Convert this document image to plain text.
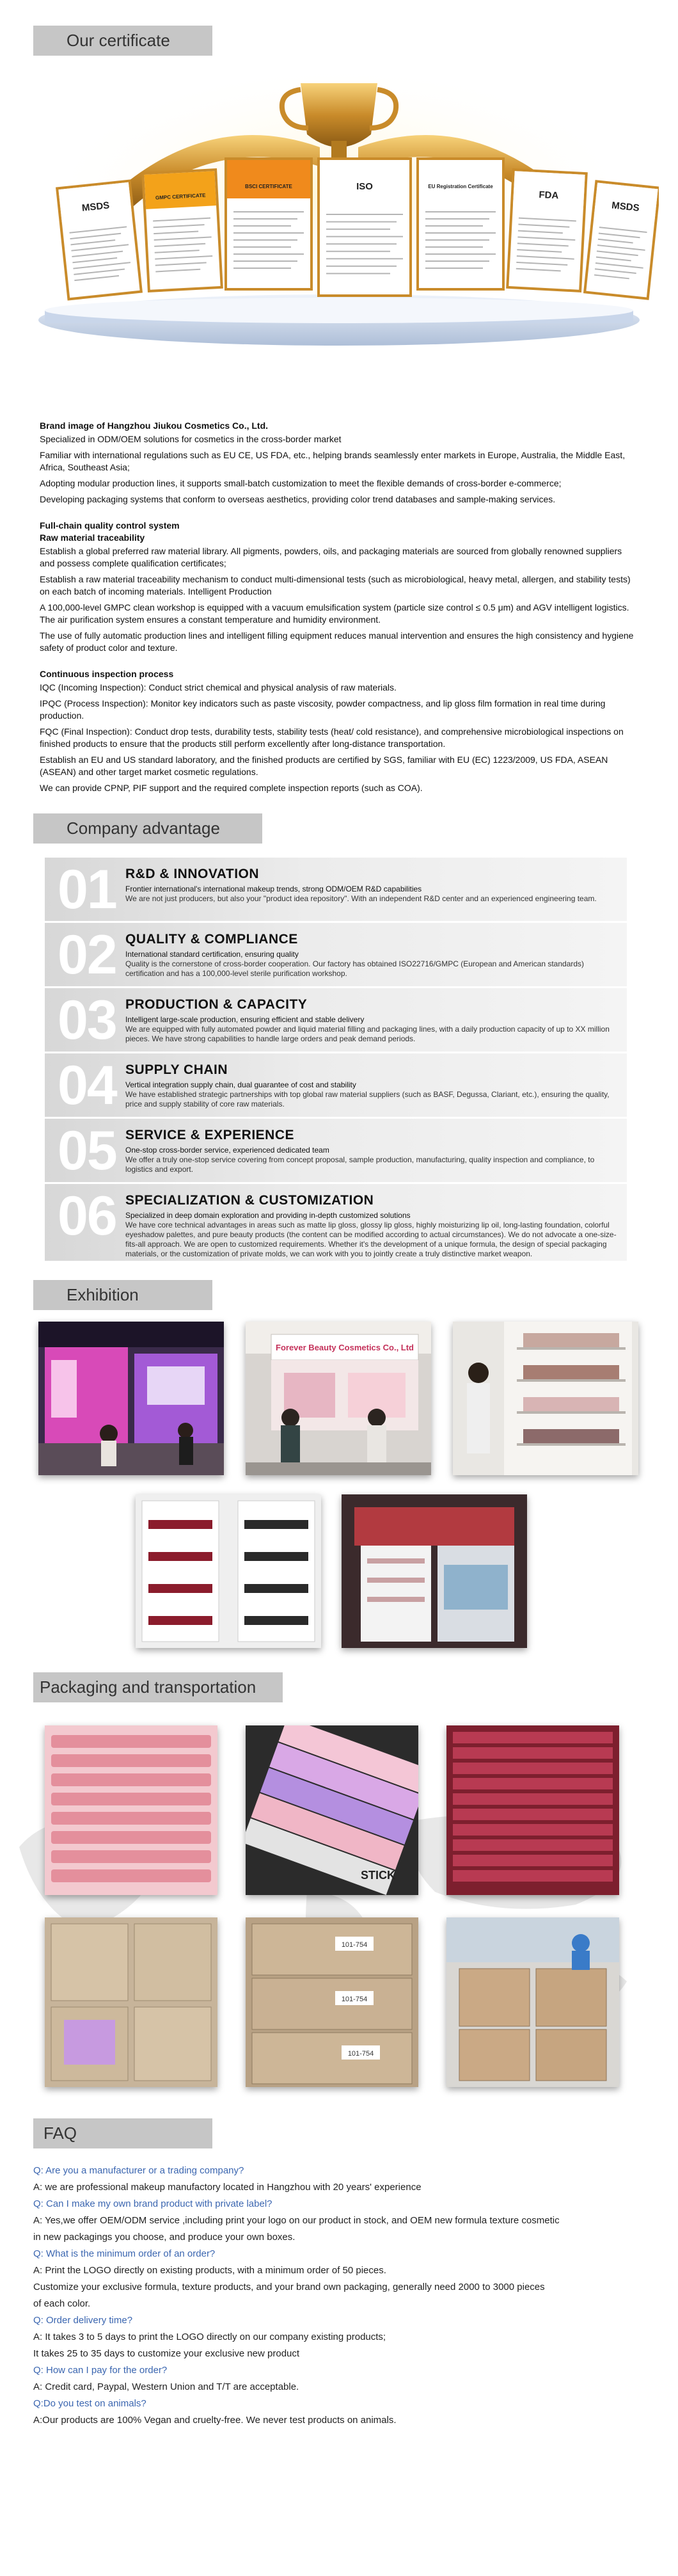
Our certificate
MSDS
GMPC CERTIFICATE
BSCI CERTIFICATE	ISO	EU Registration Certificate
FDA
MSDS
Brand image of Hangzhou Jiukou Cosmetics Co., Ltd.

Specialized in ODM/OEM solutions for cosmetics in the cross-border market

Familiar with international regulations such as EU CE, US FDA, etc., helping brands seamlessly enter markets in Europe, Australia, the Middle East, Africa, Southeast Asia;

Adopting modular production lines, it supports small-batch customization to meet the flexible demands of cross-border e-commerce;

Developing packaging systems that conform to overseas aesthetics, providing color trend databases and sample-making services.

Full-chain quality control system
Raw material traceability

Establish a global preferred raw material library. All pigments, powders, oils, and packaging materials are sourced from globally renowned suppliers and possess complete qualification certificates;

Establish a raw material traceability mechanism to conduct multi-dimensional tests (such as microbiological, heavy metal, allergen, and stability tests) on each batch of incoming materials. Intelligent Production

A 100,000-level GMPC clean workshop is equipped with a vacuum emulsification system (particle size control ≤ 0.5 μm) and AGV intelligent logistics. The air purification system ensures a constant temperature and humidity environment.

The use of fully automatic production lines and intelligent filling equipment reduces manual intervention and ensures the high consistency and hygiene safety of product color and texture.

Continuous inspection process

IQC (Incoming Inspection): Conduct strict chemical and physical analysis of raw materials.

IPQC (Process Inspection): Monitor key indicators such as paste viscosity, powder compactness, and lip gloss film formation in real time during production.

FQC (Final Inspection): Conduct drop tests, durability tests, stability tests (heat/ cold resistance), and comprehensive microbiological inspections on finished products to ensure that the products still perform excellently after long-distance transportation.

Establish an EU and US standard laboratory, and the finished products are certified by SGS, familiar with EU (EC) 1223/2009, US FDA, ASEAN (ASEAN) and other target market cosmetic regulations.

We can provide CPNP, PIF support and the required complete inspection reports (such as COA).

Company advantage
01 R&D & INNOVATION
Frontier international's international makeup trends, strong ODM/OEM R&D capabilities
We are not just producers, but also your "product idea repository". With an independent R&D center and an experienced engineering team.
02 QUALITY & COMPLIANCE
International standard certification, ensuring quality
Quality is the cornerstone of cross-border cooperation. Our factory has obtained ISO22716/GMPC (European and American standards) certification and has a 100,000-level sterile purification workshop.
03 PRODUCTION & CAPACITY
Intelligent large-scale production, ensuring efficient and stable delivery
We are equipped with fully automated powder and liquid material filling and packaging lines, with a daily production capacity of up to XX million pieces. We have strong capabilities to handle large orders and peak demand periods.
04 SUPPLY CHAIN
Vertical integration supply chain, dual guarantee of cost and stability
We have established strategic partnerships with top global raw material suppliers (such as BASF, Degussa, Clariant, etc.), ensuring the quality, price and supply stability of core raw materials.
05 SERVICE & EXPERIENCE
One-stop cross-border service, experienced dedicated team
We offer a truly one-stop service covering from concept proposal, sample production, manufacturing, quality inspection and compliance, to logistics and export.
06 SPECIALIZATION & CUSTOMIZATION
Specialized in deep domain exploration and providing in-depth customized solutions
We have core technical advantages in areas such as matte lip gloss, glossy lip gloss, highly moisturizing lip oil, long-lasting foundation, colorful eyeshadow palettes, and pure beauty products (the content can be modified according to actual circumstances). We do not advocate a one-size-fits-all approach. We are open to customized requirements. Whether it's the development of a unique formula, the design of special packaging materials, or the customization of private molds, we can work with you to jointly create a truly distinctive market weapon.
Exhibition
Forever Beauty Cosmetics Co., Ltd
Packaging and transportation
STICK
101-754
101-754
101-754
FAQ
Q: Are you a manufacturer or a trading company?
A: we are professional makeup manufactory located in Hangzhou with 20 years' experience
Q: Can I make my own brand product with private label?
A: Yes,we offer OEM/ODM service ,including print your logo on our product in stock, and OEM new formula texture cosmetic
in new packagings you choose, and produce your own boxes.
Q: What is the minimum order of an order?
A: Print the LOGO directly on existing products, with a minimum order of 50 pieces.
Customize your exclusive formula, texture products, and your brand own packaging, generally need 2000 to 3000 pieces
of each color.
Q: Order delivery time?
A: It takes 3 to 5 days to print the LOGO directly on our company existing products;
It takes 25 to 35 days to customize your exclusive new product
Q: How can I pay for the order?
A: Credit card, Paypal, Western Union and T/T are acceptable.
Q:Do you test on animals?
A:Our products are 100% Vegan and cruelty-free. We never test products on animals.
